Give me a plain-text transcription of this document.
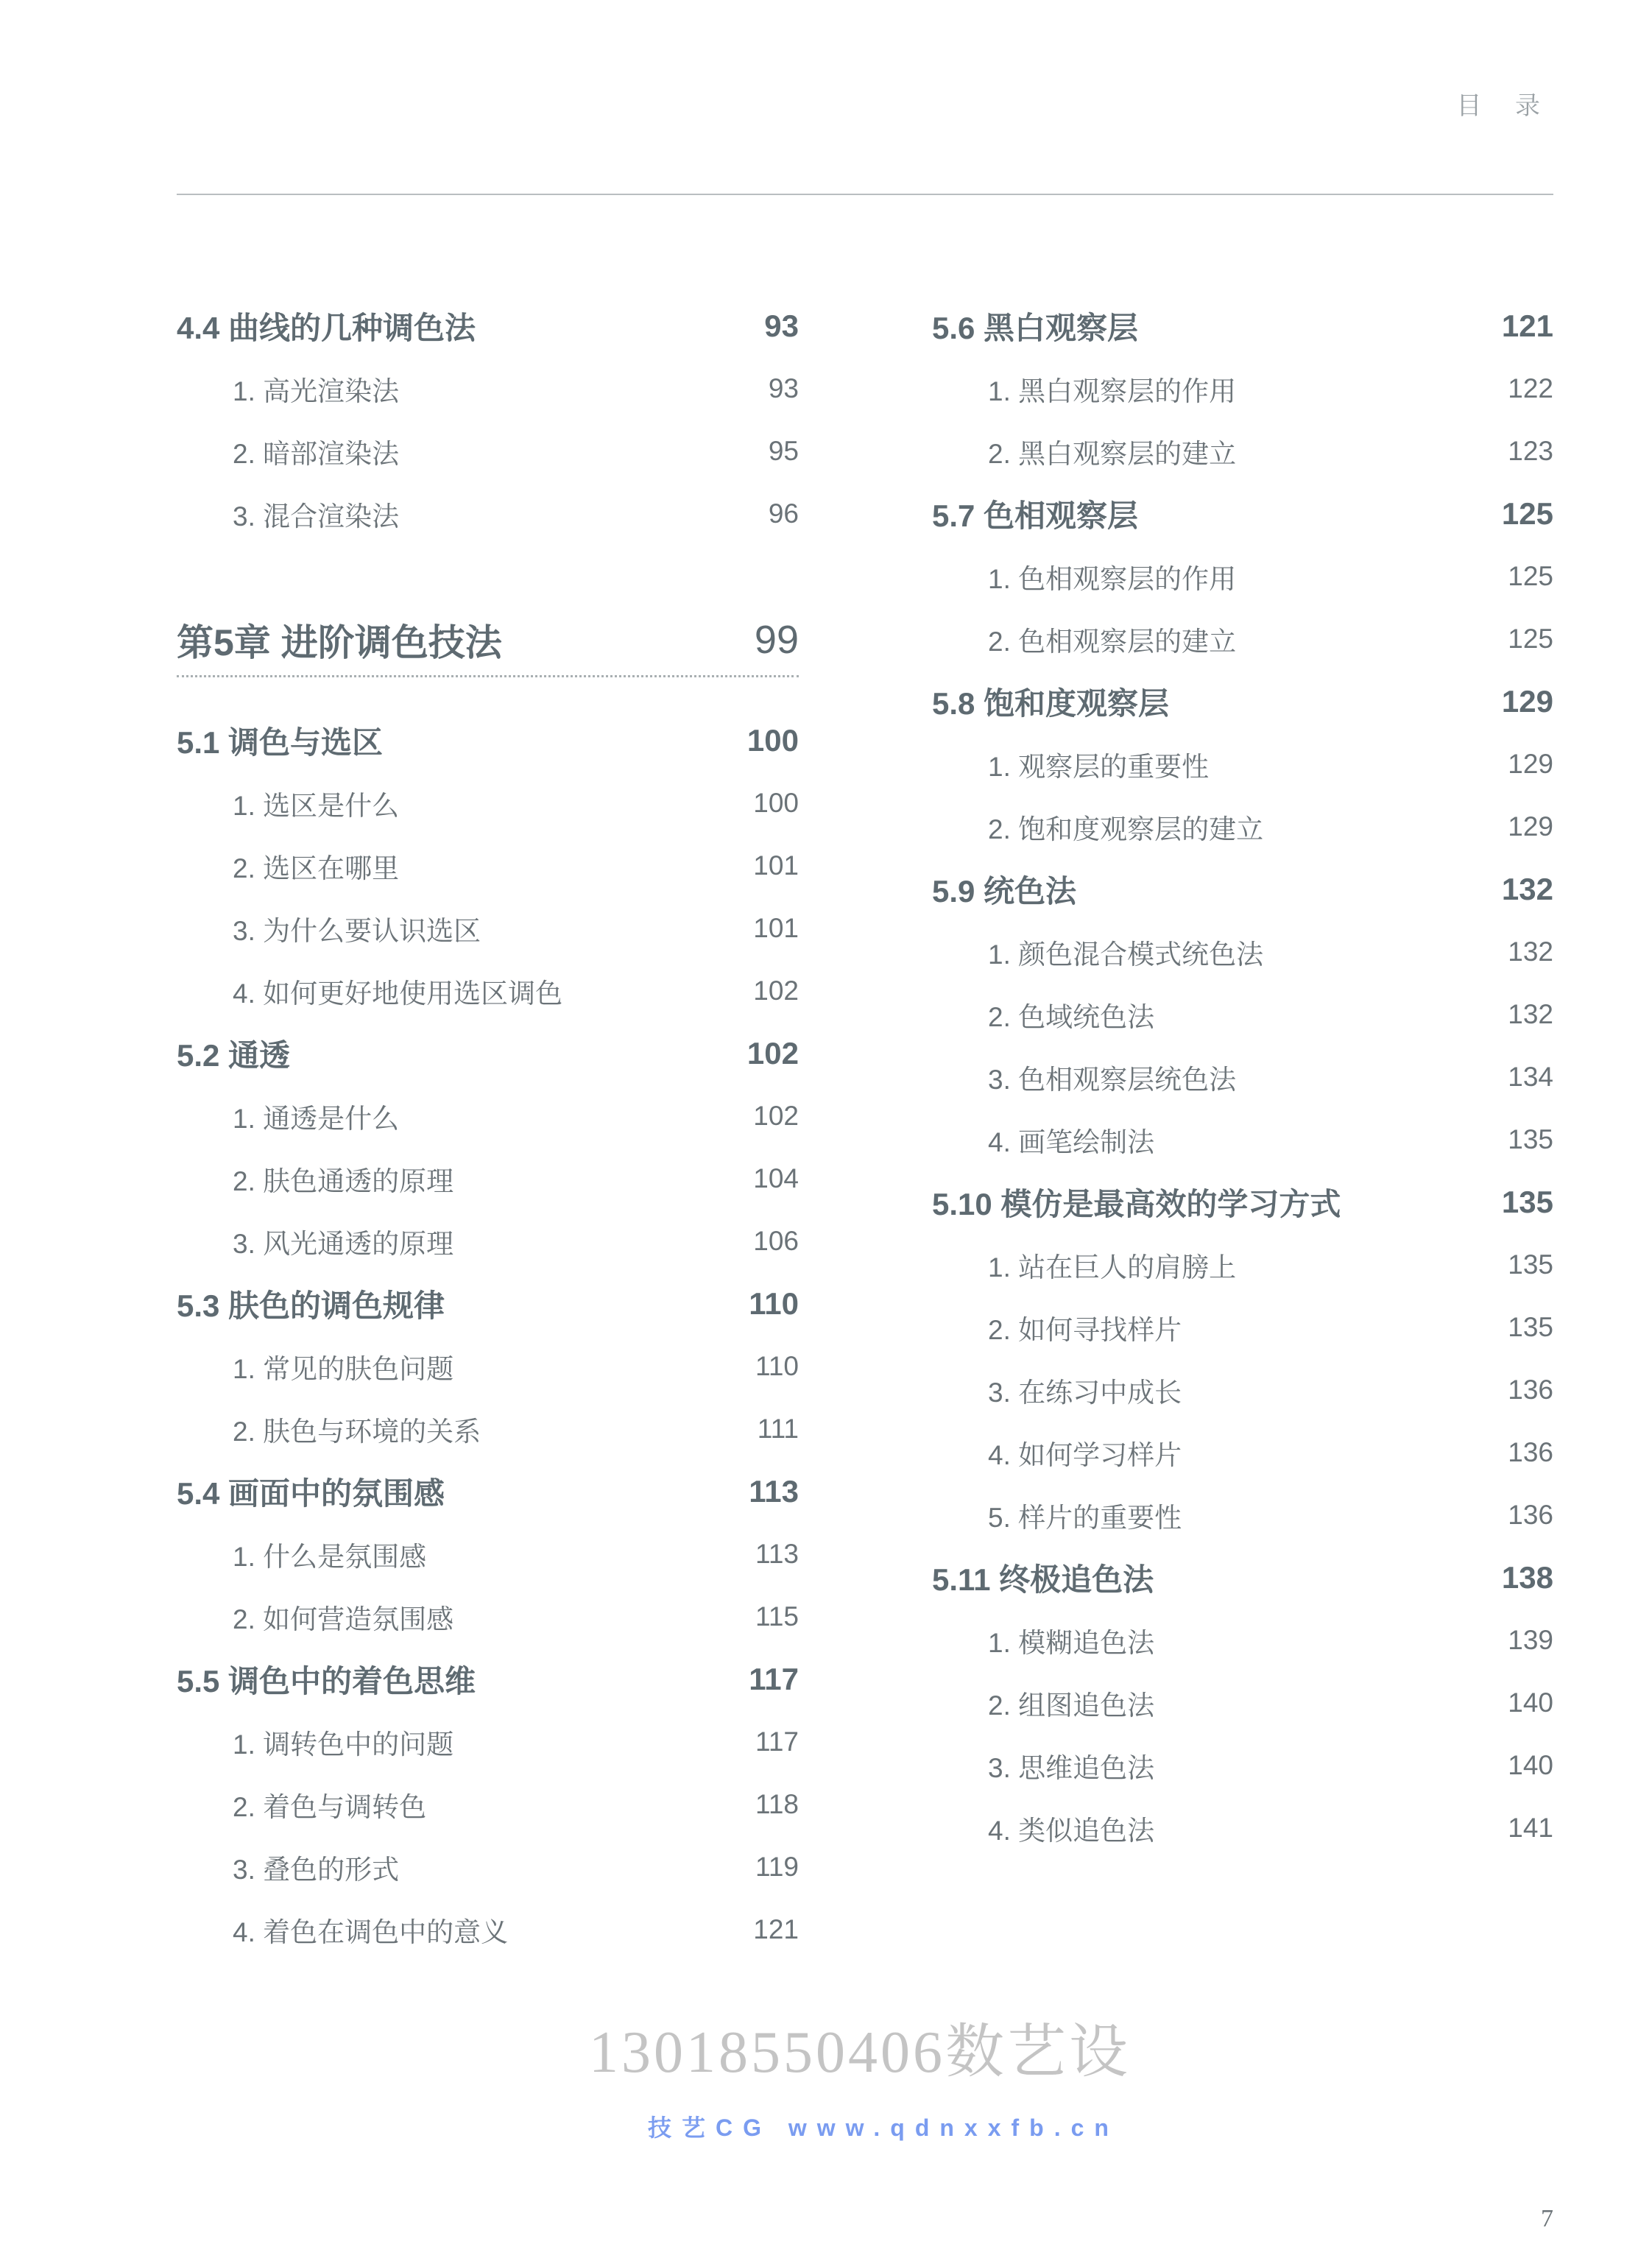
目 录
4.4 曲线的几种调色法	93
1. 高光渲染法	93
2. 暗部渲染法	95
3. 混合渲染法	96
第5章 进阶调色技法	99
5.1 调色与选区	100
1. 选区是什么	100
2. 选区在哪里	101
3. 为什么要认识选区	101
4. 如何更好地使用选区调色	102
5.2 通透	102
1. 通透是什么	102
2. 肤色通透的原理	104
3. 风光通透的原理	106
5.3 肤色的调色规律	110
1. 常见的肤色问题	110
2. 肤色与环境的关系	111
5.4 画面中的氛围感	113
1. 什么是氛围感	113
2. 如何营造氛围感	115
5.5 调色中的着色思维	117
1. 调转色中的问题	117
2. 着色与调转色	118
3. 叠色的形式	119
4. 着色在调色中的意义	121
5.6 黑白观察层	121
1. 黑白观察层的作用	122
2. 黑白观察层的建立	123
5.7 色相观察层	125
1. 色相观察层的作用	125
2. 色相观察层的建立	125
5.8 饱和度观察层	129
1. 观察层的重要性	129
2. 饱和度观察层的建立	129
5.9 统色法	132
1. 颜色混合模式统色法	132
2. 色域统色法	132
3. 色相观察层统色法	134
4. 画笔绘制法	135
5.10 模仿是最高效的学习方式	135
1. 站在巨人的肩膀上	135
2. 如何寻找样片	135
3. 在练习中成长	136
4. 如何学习样片	136
5. 样片的重要性	136
5.11 终极追色法	138
1. 模糊追色法	139
2. 组图追色法	140
3. 思维追色法	140
4. 类似追色法	141
13018550406数艺设
技艺CG www.qdnxxfb.cn
7
